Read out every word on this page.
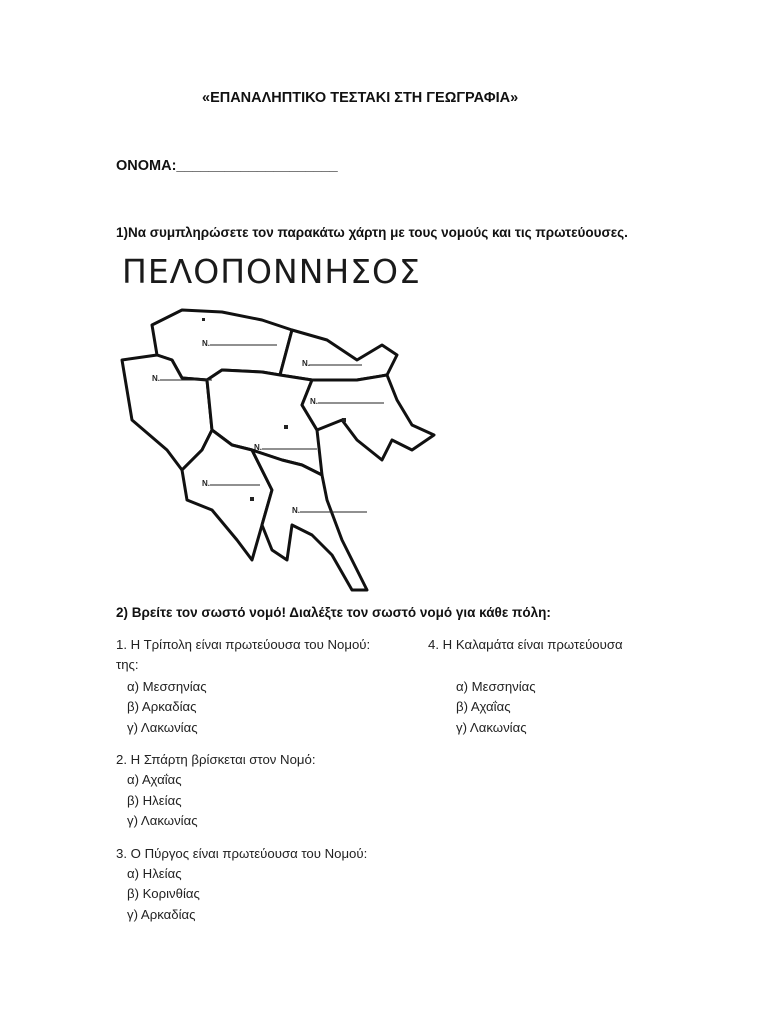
«ΕΠΑΝΑΛΗΠΤΙΚΟ ΤΕΣΤΑΚΙ ΣΤΗ ΓΕΩΓΡΑΦΙΑ»
ΟΝΟΜΑ:____________________
1)Να συμπληρώσετε τον παρακάτω χάρτη με τους νομούς και τις πρωτεύουσες.
ΠΕΛΟΠΟΝΝΗΣΟΣ
Ν.
Ν.
Ν.
Ν.
Ν.
Ν.
Ν.
2) Βρείτε τον σωστό νομό! Διαλέξτε τον σωστό νομό για κάθε πόλη:
1. Η Τρίπολη είναι πρωτεύουσα του Νομού:
της:
α) Μεσσηνίας
β) Αρκαδίας
γ) Λακωνίας
4. Η Καλαμάτα είναι πρωτεύουσα
α) Μεσσηνίας
β) Αχαΐας
γ) Λακωνίας
2. Η Σπάρτη βρίσκεται στον Νομό:
α) Αχαΐας
β) Ηλείας
γ) Λακωνίας
3. Ο Πύργος είναι πρωτεύουσα του Νομού:
α) Ηλείας
β) Κορινθίας
γ) Αρκαδίας
